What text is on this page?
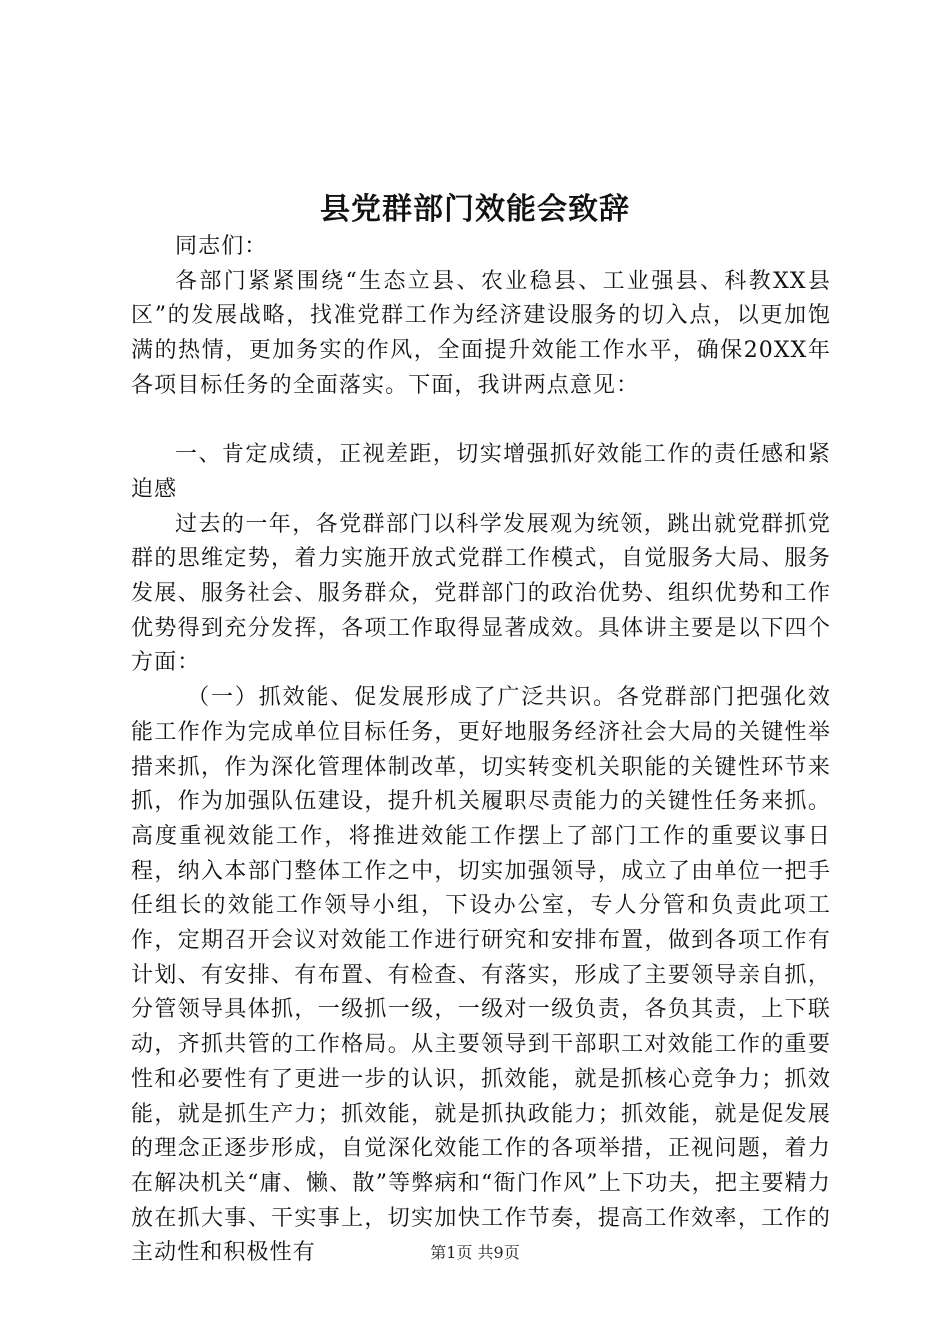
县党群部门效能会致辞

同志们：

各部门紧紧围绕“生态立县、农业稳县、工业强县、科教XX县区”的发展战略，找准党群工作为经济建设服务的切入点，以更加饱满的热情，更加务实的作风，全面提升效能工作水平，确保20XX年各项目标任务的全面落实。下面，我讲两点意见：

一、肯定成绩，正视差距，切实增强抓好效能工作的责任感和紧迫感

过去的一年，各党群部门以科学发展观为统领，跳出就党群抓党群的思维定势，着力实施开放式党群工作模式，自觉服务大局、服务发展、服务社会、服务群众，党群部门的政治优势、组织优势和工作优势得到充分发挥，各项工作取得显著成效。具体讲主要是以下四个方面：

（一）抓效能、促发展形成了广泛共识。各党群部门把强化效能工作作为完成单位目标任务，更好地服务经济社会大局的关键性举措来抓，作为深化管理体制改革，切实转变机关职能的关键性环节来抓，作为加强队伍建设，提升机关履职尽责能力的关键性任务来抓。高度重视效能工作，将推进效能工作摆上了部门工作的重要议事日程，纳入本部门整体工作之中，切实加强领导，成立了由单位一把手任组长的效能工作领导小组，下设办公室，专人分管和负责此项工作，定期召开会议对效能工作进行研究和安排布置，做到各项工作有计划、有安排、有布置、有检查、有落实，形成了主要领导亲自抓，分管领导具体抓，一级抓一级，一级对一级负责，各负其责，上下联动，齐抓共管的工作格局。从主要领导到干部职工对效能工作的重要性和必要性有了更进一步的认识，抓效能，就是抓核心竞争力；抓效能，就是抓生产力；抓效能，就是抓执政能力；抓效能，就是促发展的理念正逐步形成，自觉深化效能工作的各项举措，正视问题，着力在解决机关“庸、懒、散”等弊病和“衙门作风”上下功夫，把主要精力放在抓大事、干实事上，切实加快工作节奏，提高工作效率，工作的主动性和积极性有	第1页 共9页
